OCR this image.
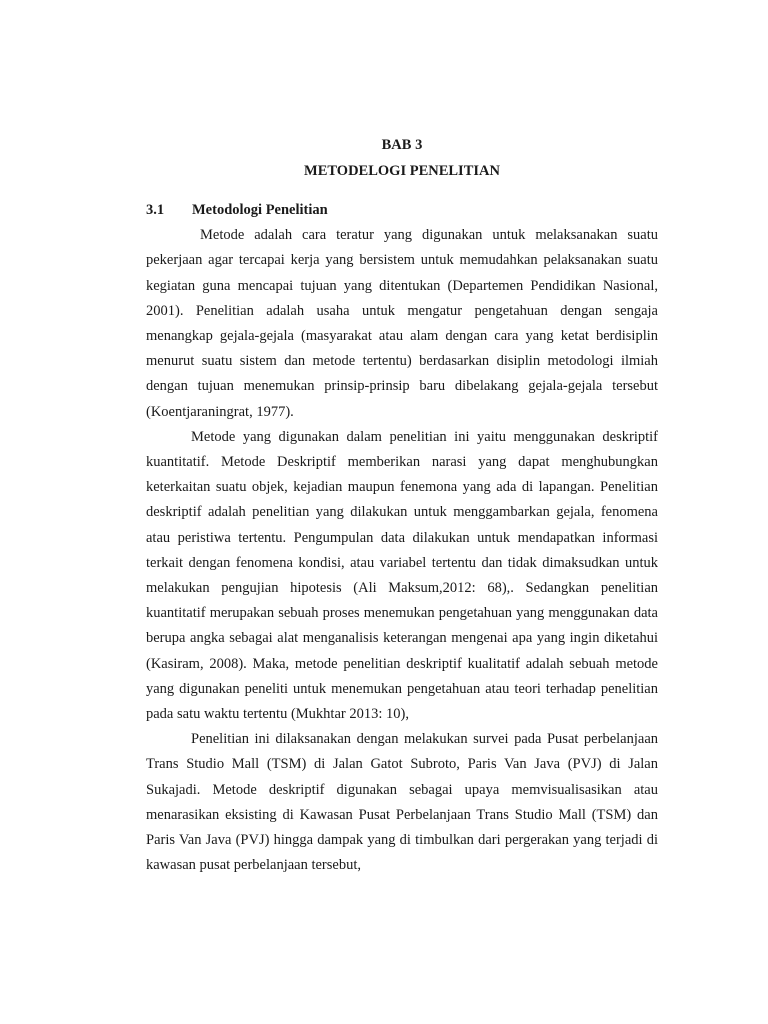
BAB 3
METODELOGI PENELITIAN
3.1	Metodologi Penelitian

Metode adalah cara teratur yang digunakan untuk melaksanakan suatu pekerjaan agar tercapai kerja yang bersistem untuk memudahkan pelaksanakan suatu kegiatan guna mencapai tujuan yang ditentukan (Departemen Pendidikan Nasional, 2001). Penelitian adalah usaha untuk mengatur pengetahuan dengan sengaja menangkap gejala-gejala (masyarakat atau alam dengan cara yang ketat berdisiplin menurut suatu sistem dan metode tertentu) berdasarkan disiplin metodologi ilmiah dengan tujuan menemukan prinsip-prinsip baru dibelakang gejala-gejala tersebut (Koentjaraningrat, 1977).

Metode yang digunakan dalam penelitian ini yaitu menggunakan deskriptif kuantitatif. Metode Deskriptif memberikan narasi yang dapat menghubungkan keterkaitan suatu objek, kejadian maupun fenemona yang ada di lapangan. Penelitian deskriptif adalah penelitian yang dilakukan untuk menggambarkan gejala, fenomena atau peristiwa tertentu. Pengumpulan data dilakukan untuk mendapatkan informasi terkait dengan fenomena kondisi, atau variabel tertentu dan tidak dimaksudkan untuk melakukan pengujian hipotesis (Ali Maksum,2012: 68),. Sedangkan penelitian kuantitatif merupakan sebuah proses menemukan pengetahuan yang menggunakan data berupa angka sebagai alat menganalisis keterangan mengenai apa yang ingin diketahui (Kasiram, 2008). Maka, metode penelitian deskriptif kualitatif adalah sebuah metode yang digunakan peneliti untuk menemukan pengetahuan atau teori terhadap penelitian pada satu waktu tertentu (Mukhtar 2013: 10),

Penelitian ini dilaksanakan dengan melakukan survei pada Pusat perbelanjaan Trans Studio Mall (TSM) di Jalan Gatot Subroto, Paris Van Java (PVJ) di Jalan Sukajadi. Metode deskriptif digunakan sebagai upaya memvisualisasikan atau menarasikan eksisting di Kawasan Pusat Perbelanjaan Trans Studio Mall (TSM) dan Paris Van Java (PVJ) hingga dampak yang di timbulkan dari pergerakan yang terjadi di kawasan pusat perbelanjaan tersebut,
